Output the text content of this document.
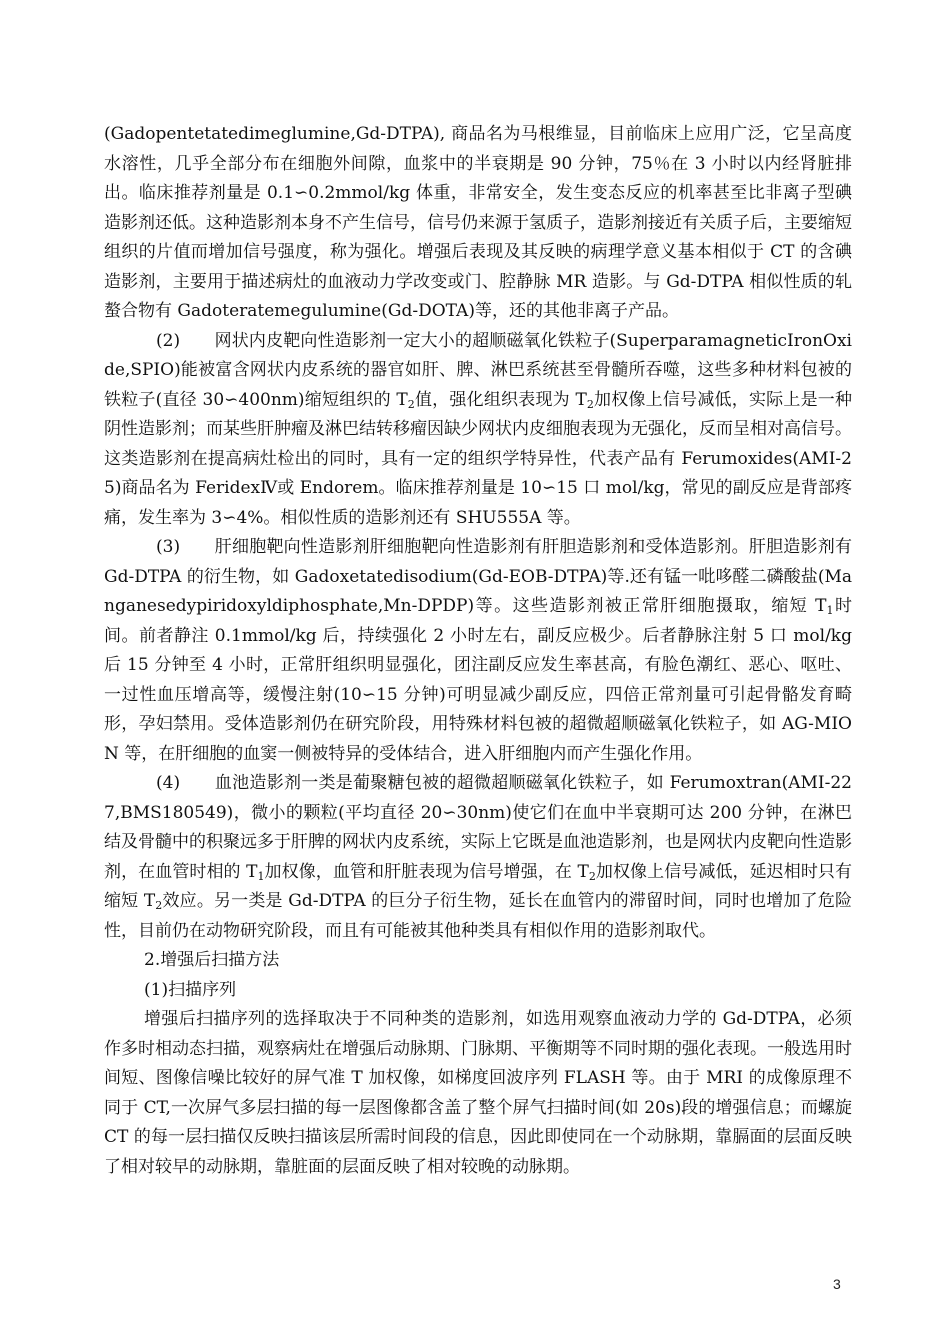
(Gadopentetatedimeglumine,Gd-DTPA), 商品名为马根维显，目前临床上应用广泛，它呈高度水溶性，几乎全部分布在细胞外间隙，血浆中的半衰期是 90 分钟，75％在 3 小时以内经肾脏排出。临床推荐剂量是 0.1∽0.2mmol/kg 体重，非常安全，发生变态反应的机率甚至比非离子型碘造影剂还低。这种造影剂本身不产生信号，信号仍来源于氢质子，造影剂接近有关质子后，主要缩短组织的片值而增加信号强度，称为强化。增强后表现及其反映的病理学意义基本相似于 CT 的含碘造影剂，主要用于描述病灶的血液动力学改变或门、腔静脉 MR 造影。与 Gd-DTPA 相似性质的轧螯合物有 Gadoteratemegulumine(Gd-DOTA)等，还的其他非离子产品。

(2)　　网状内皮靶向性造影剂一定大小的超顺磁氧化铁粒子(SuperparamagneticIronOxide,SPIO)能被富含网状内皮系统的器官如肝、脾、淋巴系统甚至骨髓所吞噬，这些多种材料包被的铁粒子(直径 30∽400nm)缩短组织的 $T_2$值，强化组织表现为 $T_2$加权像上信号减低，实际上是一种阴性造影剂；而某些肝肿瘤及淋巴结转移瘤因缺少网状内皮细胞表现为无强化，反而呈相对高信号。这类造影剂在提高病灶检出的同时，具有一定的组织学特异性，代表产品有 Ferumoxides(AMI-25)商品名为 FeridexⅣ或 Endorem。临床推荐剂量是 10∽15 口 mol/kg，常见的副反应是背部疼痛，发生率为 3∽4%。相似性质的造影剂还有 SHU555A 等。

(3)　　肝细胞靶向性造影剂肝细胞靶向性造影剂有肝胆造影剂和受体造影剂。肝胆造影剂有 Gd-DTPA 的衍生物，如 Gadoxetatedisodium(Gd-EOB-DTPA)等.还有锰一吡哆醛二磷酸盐(Manganesedypiridoxyldiphosphate,Mn-DPDP)等。这些造影剂被正常肝细胞摄取，缩短 $T_1$时间。前者静注 0.1mmol/kg 后，持续强化 2 小时左右，副反应极少。后者静脉注射 5 口 mol/kg 后 15 分钟至 4 小时，正常肝组织明显强化，团注副反应发生率甚高，有脸色潮红、恶心、呕吐、一过性血压增高等，缓慢注射(10∽15 分钟)可明显减少副反应，四倍正常剂量可引起骨骼发育畸形，孕妇禁用。受体造影剂仍在研究阶段，用特殊材料包被的超微超顺磁氧化铁粒子，如 AG-MION 等，在肝细胞的血窦一侧被特异的受体结合，进入肝细胞内而产生强化作用。

(4)　　血池造影剂一类是葡聚糖包被的超微超顺磁氧化铁粒子，如 Ferumoxtran(AMI-227,BMS180549)，微小的颗粒(平均直径 20∽30nm)使它们在血中半衰期可达 200 分钟，在淋巴结及骨髓中的积聚远多于肝脾的网状内皮系统，实际上它既是血池造影剂，也是网状内皮靶向性造影剂，在血管时相的 $T_1$加权像，血管和肝脏表现为信号增强，在 $T_2$加权像上信号减低，延迟相时只有缩短 $T_2$效应。另一类是 Gd-DTPA 的巨分子衍生物，延长在血管内的滞留时间，同时也增加了危险性，目前仍在动物研究阶段，而且有可能被其他种类具有相似作用的造影剂取代。

2.增强后扫描方法

(1)扫描序列

增强后扫描序列的选择取决于不同种类的造影剂，如选用观察血液动力学的 Gd-DTPA，必须作多时相动态扫描，观察病灶在增强后动脉期、门脉期、平衡期等不同时期的强化表现。一般选用时间短、图像信噪比较好的屏气准 T 加权像，如梯度回波序列 FLASH 等。由于 MRI 的成像原理不同于 CT,一次屏气多层扫描的每一层图像都含盖了整个屏气扫描时间(如 20s)段的增强信息；而螺旋 CT 的每一层扫描仅反映扫描该层所需时间段的信息，因此即使同在一个动脉期，靠膈面的层面反映了相对较早的动脉期，靠脏面的层面反映了相对较晚的动脉期。

3
